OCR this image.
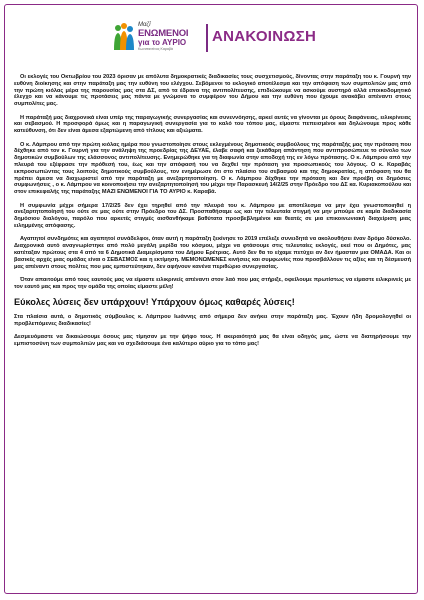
Μαζί
ΕΝΩΜΕΝΟΙ
για το ΑΥΡΙΟ
Κωνσταντίνος Καραβά
ΑΝΑΚΟΙΝΩΣΗ

Οι εκλογές του Οκτωβρίου του 2023 όρισαν με απόλυτα δημοκρατικές διαδικασίες τους συσχετισμούς, δίνοντας στην παράταξη του κ. Γουρνή την ευθύνη διοίκησης και στην παράταξη μας την ευθύνη του ελέγχου. Σεβόμενοι το εκλογικό αποτέλεσμα και την απόφαση των συμπολιτών μας από την πρώτη κιόλας μέρα της παρουσίας μας στα ΔΣ, από τα έδρανα της αντιπολίτευσης, επιδιώκουμε να ασκούμε αυστηρό αλλά εποικοδομητικό έλεγχο και να κάνουμε τις προτάσεις μας πάντα με γνώμονα το συμφέρον του Δήμου και την ευθύνη που έχουμε ανακάβει απέναντι στους συμπολίτες μας.

Η παράταξή μας διαχρονικά είναι υπέρ της παραγωγικής συνεργασίας και συνεννόησης, αρκεί αυτές να γίνονται με όρους διαφάνειας, ειλικρίνειας και σεβασμού. Η προσφορά όμως και η παραγωγική συνεργασία για το καλό του τόπου μας, είμαστε πεπεισμένοι και δηλώνουμε προς κάθε κατεύθυνση, ότι δεν είναι άμεσα εξαρτώμενη από τίτλους και αξιώματα.

Ο κ. Λάμπρου από την πρώτη κιόλας ημέρα που γνωστοποίησε στους εκλεγμένους δημοτικούς συμβούλους της παράταξής μας την πρόταση που δέχθηκε από τον κ. Γουρνή για την ανάληψη της προεδρίας της ΔΕΥΑΕ, έλαβε σαφή και ξεκάθαρη απάντηση που αντιπροσώπευε το σύνολο των δημοτικών συμβούλων της ελάσσονος αντιπολίτευσης. Ενημερώθηκε για τη διαφωνία στην αποδοχή της εν λόγω πρότασης. Ο κ. Λάμπρου από την πλευρά του εξέφρασε την πρόθεσή του, έως και την απόφασή του να δεχθεί την πρόταση για προσωπικούς του λόγους. Ο κ. Καραβάς εκπροσωπώντας τους λοιπούς δημοτικούς συμβούλους, τον ενημέρωσε ότι στο πλαίσιο του σεβασμού και της δημοκρατίας, η απόφαση του θα πρέπει άμεσα να διαχωριστεί από την παράταξη με ανεξαρτητοποίηση. Ο κ. Λάμπρου δέχθηκε την πρόταση και δεν προέβη σε δημόσιες συμφωνήσεις , ο κ. Λάμπρου να κοινοποιήσει την ανεξαρτητοποίησή του μέχρι την Παρασκευή 14/2/25 στην Πρόεδρο του ΔΣ κα. Κυριακοπούλου και στον επικεφαλής της παράταξης ΜΑΖΙ ΕΝΩΜΕΝΟΙ ΓΙΑ ΤΟ ΑΥΡΙΟ κ. Καραβά.

Η συμφωνία μέχρι σήμερα 17/2/25 δεν έχει τηρηθεί από την πλευρά του κ. Λάμπρου με αποτέλεσμα να μην έχει γνωστοποιηθεί η ανεξαρτητοποίησή του ούτε σε μας ούτε στην Πρόεδρο του ΔΣ. Προσπαθήσαμε ως και την τελευταία στιγμή να μην μπούμε σε καμία διαδικασία δημόσιου διαλόγου, παρόλο που αρκετές στιγμές αισθανθήκαμε βαθύτατα προσβεβλημένοι και θεατές σε μια επικοινωνιακή διαχείριση μιας ειλημμένης απόφασης.

Αγαπητοί συνδημότες και αγαπητοί συνάδελφοι, όταν αυτή η παράταξη ξεκίνησε το 2019 επέλεξε συνειδητά να ακολουθήσει έναν δρόμο δύσκολο. Διαχρονικά αυτό αναγνωρίστηκε από πολύ μεγάλη μερίδα του κόσμου, μέχρι να φτάσουμε στις τελευταίες εκλογές, εκεί που οι Δημότες, μας κατέταξαν πρώτους στα 4 από τα 6 Δημοτικά Διαμερίσματα του Δήμου Ερέτριας. Αυτό δεν θα το είχαμε πετύχει αν δεν ήμασταν μια ΟΜΑΔΑ. Και οι βασικές αρχές μιας ομάδας είναι ο ΣΕΒΑΣΜΟΣ και η εκτίμηση. ΜΕΜΟΝΩΜΕΝΕΣ κινήσεις και συμφωνίες που προσβάλλουν τις αξίες και τη δέσμευσή μας απέναντι στους πολίτες που μας εμπιστεύτηκαν, δεν αφήνουν κανένα περιθώριο συνεργασίας.

Όταν απαιτούμε από τους εαυτούς μας να είμαστε ειλικρινείς απέναντι στον λαό που μας στήριξε, οφείλουμε πρωτίστως να είμαστε ειλικρινείς με τον εαυτό μας και προς την ομάδα της οποίας είμαστε μέλη!

Εύκολες λύσεις δεν υπάρχουν! Υπάρχουν όμως καθαρές λύσεις!

Στα πλαίσια αυτά, ο δημοτικός σύμβουλος κ. Λάμπρου Ιωάννης από σήμερα δεν ανήκει στην παράταξη μας. Έχουν ήδη δρομολογηθεί οι προβλεπόμενες διαδικασίες!

Δεσμευόμαστε να δικαιώσουμε όσους μας τίμησαν με την ψήφο τους. Η ακεραιότητά μας θα είναι οδηγός μας, ώστε να διατηρήσουμε την εμπιστοσύνη των συμπολιτών μας και να σχεδιάσουμε ένα καλύτερο αύριο για το τόπο μας!
